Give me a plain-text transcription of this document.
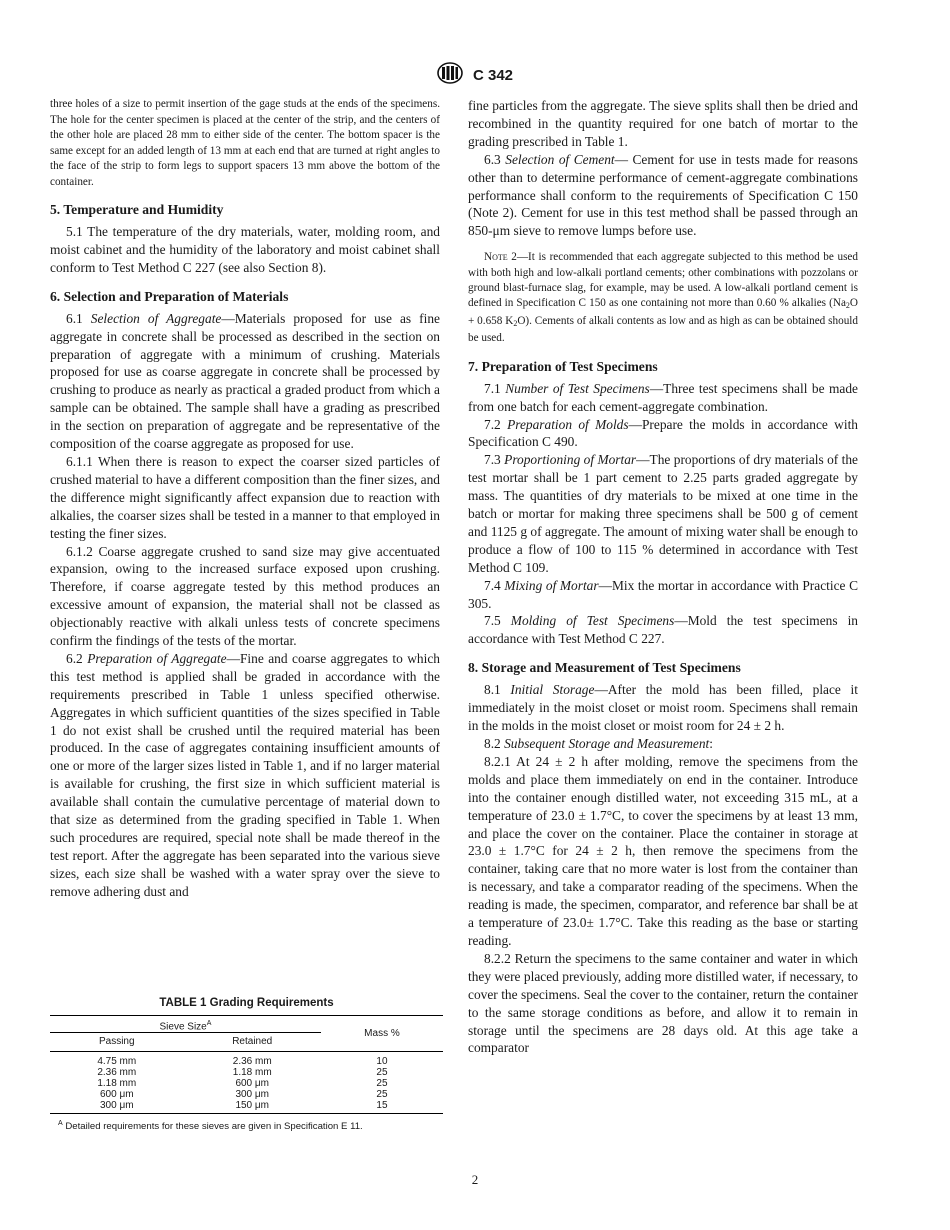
C 342

three holes of a size to permit insertion of the gage studs at the ends of the specimens. The hole for the center specimen is placed at the center of the strip, and the centers of the other hole are placed 28 mm to either side of the center. The bottom spacer is the same except for an added length of 13 mm at each end that are turned at right angles to the face of the strip to form legs to support spacers 13 mm above the bottom of the container.

5. Temperature and Humidity

5.1 The temperature of the dry materials, water, molding room, and moist cabinet and the humidity of the laboratory and moist cabinet shall conform to Test Method C 227 (see also Section 8).

6. Selection and Preparation of Materials

6.1 Selection of Aggregate—Materials proposed for use as fine aggregate in concrete shall be processed as described in the section on preparation of aggregate with a minimum of crushing. Materials proposed for use as coarse aggregate in concrete shall be processed by crushing to produce as nearly as practical a graded product from which a sample can be obtained. The sample shall have a grading as prescribed in the section on preparation of aggregate and be representative of the composition of the coarse aggregate as proposed for use.

6.1.1 When there is reason to expect the coarser sized particles of crushed material to have a different composition than the finer sizes, and the difference might significantly affect expansion due to reaction with alkalies, the coarser sizes shall be tested in a manner to that employed in testing the finer sizes.

6.1.2 Coarse aggregate crushed to sand size may give accentuated expansion, owing to the increased surface exposed upon crushing. Therefore, if coarse aggregate tested by this method produces an excessive amount of expansion, the material shall not be classed as objectionably reactive with alkali unless tests of concrete specimens confirm the findings of the tests of the mortar.

6.2 Preparation of Aggregate—Fine and coarse aggregates to which this test method is applied shall be graded in accordance with the requirements prescribed in Table 1 unless specified otherwise. Aggregates in which sufficient quantities of the sizes specified in Table 1 do not exist shall be crushed until the required material has been produced. In the case of aggregates containing insufficient amounts of one or more of the larger sizes listed in Table 1, and if no larger material is available for crushing, the first size in which sufficient material is available shall contain the cumulative percentage of material down to that size as determined from the grading specified in Table 1. When such procedures are required, special note shall be made thereof in the test report. After the aggregate has been separated into the various sieve sizes, each size shall be washed with a water spray over the sieve to remove adhering dust and

TABLE 1 Grading Requirements
Sieve Size$^A$		Mass %
Passing	Retained	
4.75 mm	2.36 mm	10
2.36 mm	1.18 mm	25
1.18 mm	600 μm	25
600 μm	300 μm	25
300 μm	150 μm	15
$^A$ Detailed requirements for these sieves are given in Specification E 11.

fine particles from the aggregate. The sieve splits shall then be dried and recombined in the quantity required for one batch of mortar to the grading prescribed in Table 1.

6.3 Selection of Cement— Cement for use in tests made for reasons other than to determine performance of cement-aggregate combinations performance shall conform to the requirements of Specification C 150 (Note 2). Cement for use in this test method shall be passed through an 850-μm sieve to remove lumps before use.

Note 2—It is recommended that each aggregate subjected to this method be used with both high and low-alkali portland cements; other combinations with pozzolans or ground blast-furnace slag, for example, may be used. A low-alkali portland cement is defined in Specification C 150 as one containing not more than 0.60 % alkalies ($Na_2O + 0.658$ $K_2O$). Cements of alkali contents as low and as high as can be obtained should be used.

7. Preparation of Test Specimens

7.1 Number of Test Specimens—Three test specimens shall be made from one batch for each cement-aggregate combination.

7.2 Preparation of Molds—Prepare the molds in accordance with Specification C 490.

7.3 Proportioning of Mortar—The proportions of dry materials of the test mortar shall be 1 part cement to 2.25 parts graded aggregate by mass. The quantities of dry materials to be mixed at one time in the batch or mortar for making three specimens shall be 500 g of cement and 1125 g of aggregate. The amount of mixing water shall be enough to produce a flow of 100 to 115 % determined in accordance with Test Method C 109.

7.4 Mixing of Mortar—Mix the mortar in accordance with Practice C 305.

7.5 Molding of Test Specimens—Mold the test specimens in accordance with Test Method C 227.

8. Storage and Measurement of Test Specimens

8.1 Initial Storage—After the mold has been filled, place it immediately in the moist closet or moist room. Specimens shall remain in the molds in the moist closet or moist room for 24 ± 2 h.

8.2 Subsequent Storage and Measurement:

8.2.1 At 24 ± 2 h after molding, remove the specimens from the molds and place them immediately on end in the container. Introduce into the container enough distilled water, not exceeding 315 mL, at a temperature of 23.0 ± 1.7°C, to cover the specimens by at least 13 mm, and place the cover on the container. Place the container in storage at 23.0 ± 1.7°C for 24 ± 2 h, then remove the specimens from the container, taking care that no more water is lost from the container than is necessary, and take a comparator reading of the specimens. When the reading is made, the specimen, comparator, and reference bar shall be at a temperature of 23.0± 1.7°C. Take this reading as the base or starting reading.

8.2.2 Return the specimens to the same container and water in which they were placed previously, adding more distilled water, if necessary, to cover the specimens. Seal the cover to the container, return the container to the same storage conditions as before, and allow it to remain in storage until the specimens are 28 days old. At this age take a comparator

2
